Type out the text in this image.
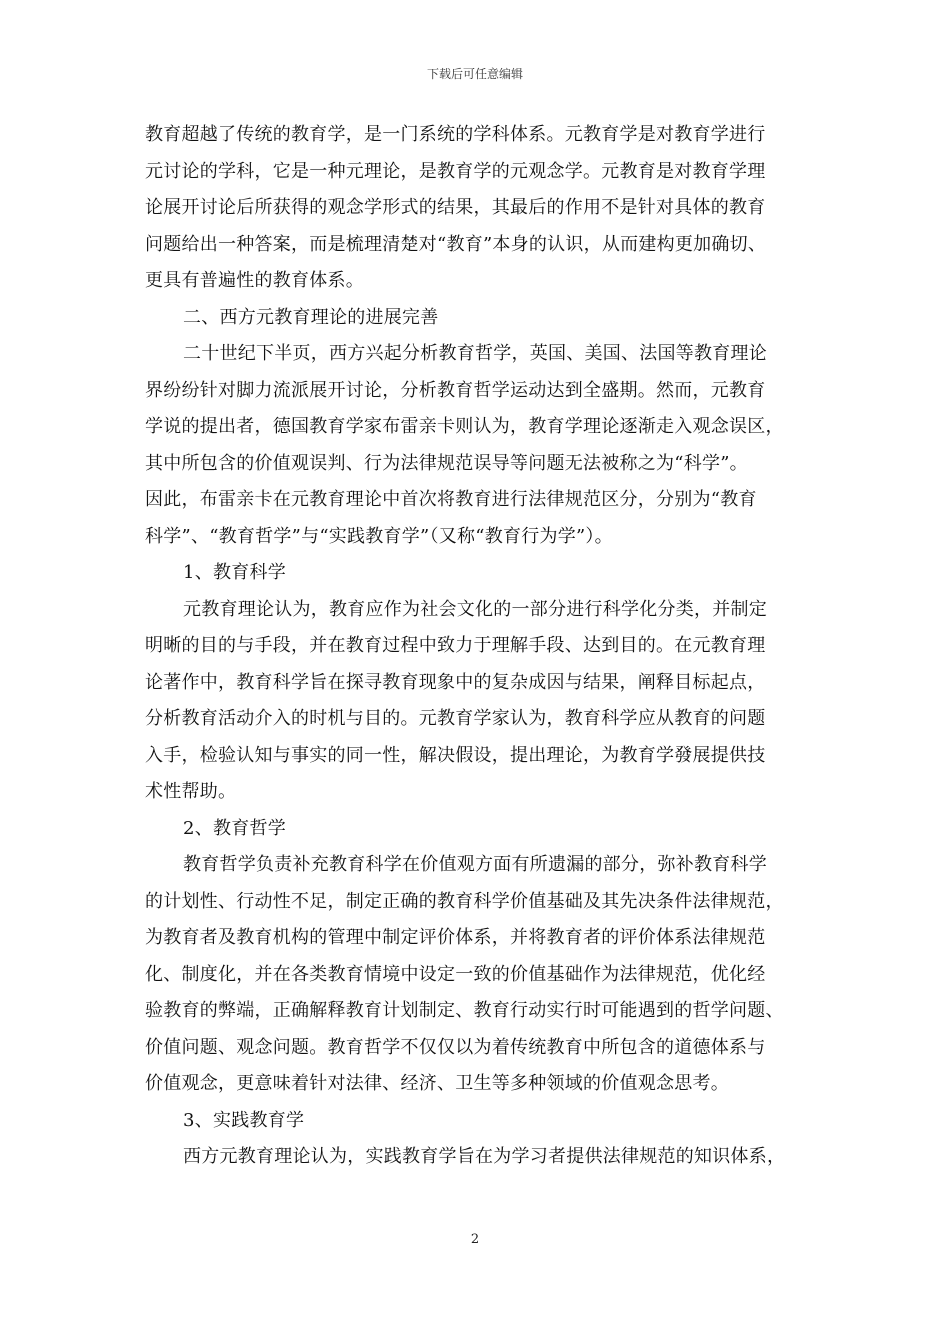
下载后可任意编辑
教育超越了传统的教育学，是一门系统的学科体系。元教育学是对教育学进行
元讨论的学科，它是一种元理论，是教育学的元观念学。元教育是对教育学理
论展开讨论后所获得的观念学形式的结果，其最后的作用不是针对具体的教育
问题给出一种答案，而是梳理清楚对“教育”本身的认识，从而建构更加确切、
更具有普遍性的教育体系。
二、西方元教育理论的进展完善
二十世纪下半页，西方兴起分析教育哲学，英国、美国、法国等教育理论
界纷纷针对脚力流派展开讨论，分析教育哲学运动达到全盛期。然而，元教育
学说的提出者，德国教育学家布雷亲卡则认为，教育学理论逐渐走入观念误区，
其中所包含的价值观误判、行为法律规范误导等问题无法被称之为“科学”。
因此，布雷亲卡在元教育理论中首次将教育进行法律规范区分，分别为“教育
科学”、“教育哲学”与“实践教育学”（又称“教育行为学”）。
1、教育科学
元教育理论认为，教育应作为社会文化的一部分进行科学化分类，并制定
明晰的目的与手段，并在教育过程中致力于理解手段、达到目的。在元教育理
论著作中，教育科学旨在探寻教育现象中的复杂成因与结果，阐释目标起点，
分析教育活动介入的时机与目的。元教育学家认为，教育科学应从教育的问题
入手，检验认知与事实的同一性，解决假设，提出理论，为教育学發展提供技
术性帮助。
2、教育哲学
教育哲学负责补充教育科学在价值观方面有所遗漏的部分，弥补教育科学
的计划性、行动性不足，制定正确的教育科学价值基础及其先决条件法律规范，
为教育者及教育机构的管理中制定评价体系，并将教育者的评价体系法律规范
化、制度化，并在各类教育情境中设定一致的价值基础作为法律规范，优化经
验教育的弊端，正确解释教育计划制定、教育行动实行时可能遇到的哲学问题、
价值问题、观念问题。教育哲学不仅仅以为着传统教育中所包含的道德体系与
价值观念，更意味着针对法律、经济、卫生等多种领域的价值观念思考。
3、实践教育学
西方元教育理论认为，实践教育学旨在为学习者提供法律规范的知识体系，
2
